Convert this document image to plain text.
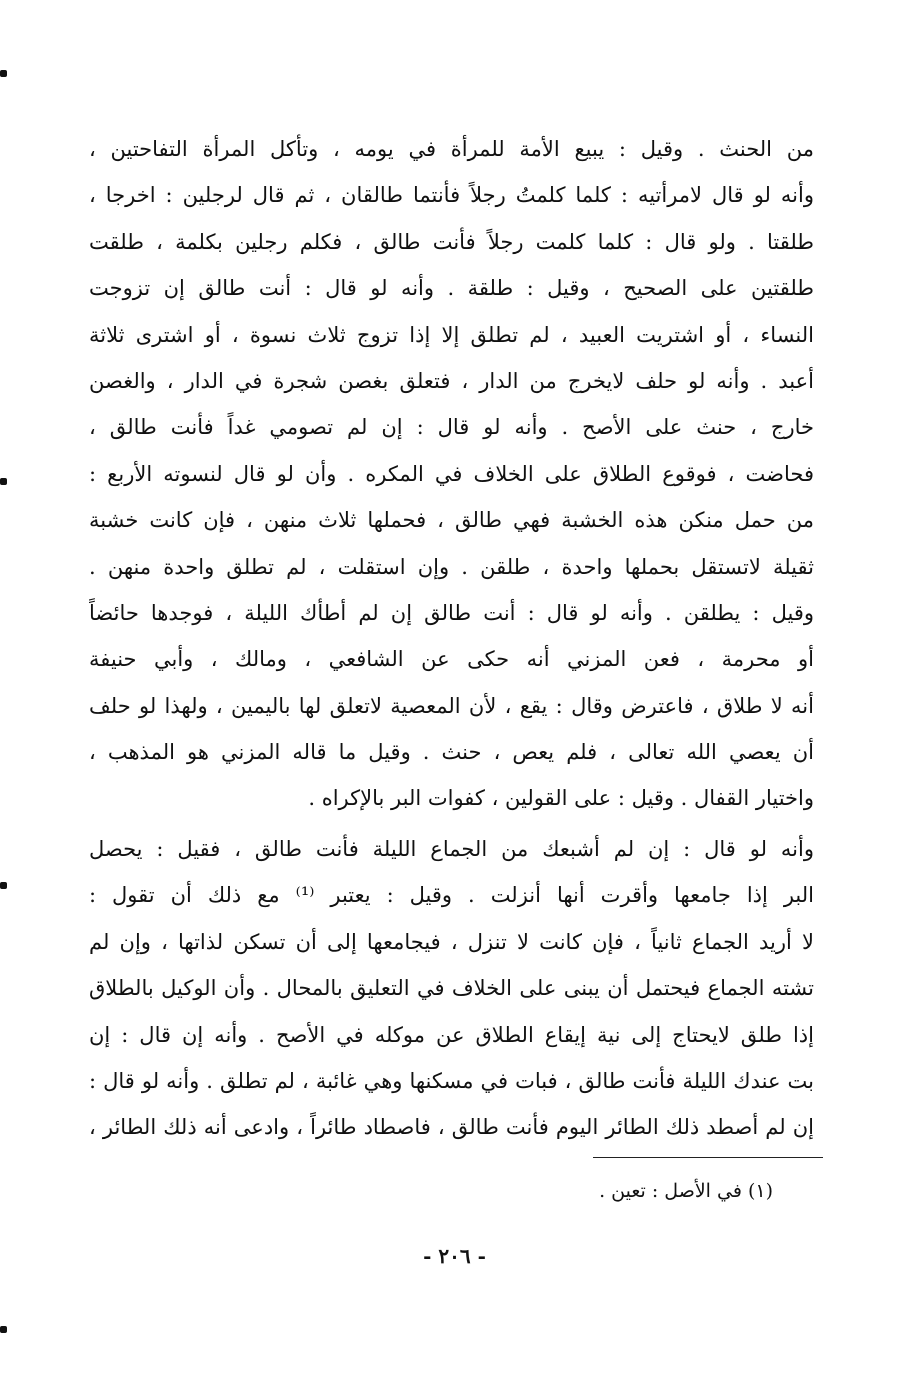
من الحنث . وقيل : يبيع الأمة للمرأة في يومه ، وتأكل المرأة التفاحتين ،
وأنه لو قال لامرأتيه : كلما كلمتُ رجلاً فأنتما طالقان ، ثم قال لرجلين : اخرجا ،
طلقتا . ولو قال : كلما كلمت رجلاً فأنت طالق ، فكلم رجلين بكلمة ، طلقت
طلقتين على الصحيح ، وقيل : طلقة . وأنه لو قال : أنت طالق إن تزوجت
النساء ، أو اشتريت العبيد ، لم تطلق إلا إذا تزوج ثلاث نسوة ، أو اشترى ثلاثة
أعبد . وأنه لو حلف لايخرج من الدار ، فتعلق بغصن شجرة في الدار ، والغصن
خارج ، حنث على الأصح . وأنه لو قال : إن لم تصومي غداً فأنت طالق ،
فحاضت ، فوقوع الطلاق على الخلاف في المكره . وأن لو قال لنسوته الأربع :
من حمل منكن هذه الخشبة فهي طالق ، فحملها ثلاث منهن ، فإن كانت خشبة
ثقيلة لاتستقل بحملها واحدة ، طلقن . وإن استقلت ، لم تطلق واحدة منهن .
وقيل : يطلقن . وأنه لو قال : أنت طالق إن لم أطأك الليلة ، فوجدها حائضاً
أو محرمة ، فعن المزني أنه حكى عن الشافعي ، ومالك ، وأبي حنيفة
أنه لا طلاق ، فاعترض وقال : يقع ، لأن المعصية لاتعلق لها باليمين ، ولهذا لو حلف
أن يعصي الله تعالى ، فلم يعص ، حنث . وقيل ما قاله المزني هو المذهب ،
واختيار القفال . وقيل : على القولين ، كفوات البر بالإكراه .
وأنه لو قال : إن لم أشبعك من الجماع الليلة فأنت طالق ، فقيل : يحصل
البر إذا جامعها وأقرت أنها أنزلت . وقيل : يعتبر ⁽¹⁾ مع ذلك أن تقول :
لا أريد الجماع ثانياً ، فإن كانت لا تنزل ، فيجامعها إلى أن تسكن لذاتها ، وإن لم
تشته الجماع فيحتمل أن يبنى على الخلاف في التعليق بالمحال . وأن الوكيل بالطلاق
إذا طلق لايحتاج إلى نية إيقاع الطلاق عن موكله في الأصح . وأنه إن قال : إن
بت عندك الليلة فأنت طالق ، فبات في مسكنها وهي غائبة ، لم تطلق . وأنه لو قال :
إن لم أصطد ذلك الطائر اليوم فأنت طالق ، فاصطاد طائراً ، وادعى أنه ذلك الطائر ،
(١) في الأصل : تعين .
- ٢٠٦ -
